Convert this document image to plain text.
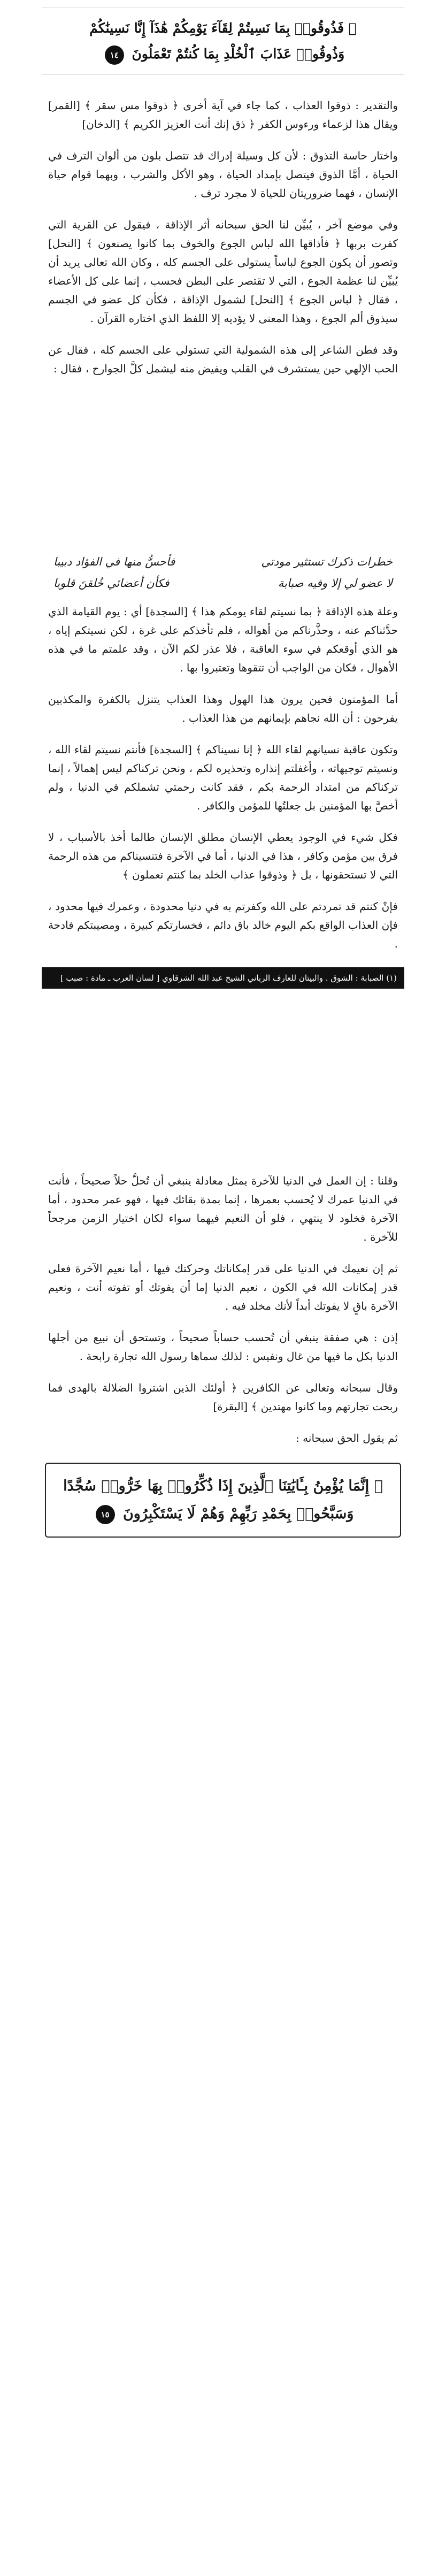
﴿ فَذُوقُوا۟ بِمَا نَسِيتُمْ لِقَآءَ يَوْمِكُمْ هَٰذَآ إِنَّا نَسِينَٰكُمْ
وَذُوقُوا۟ عَذَابَ ٱلْخُلْدِ بِمَا كُنتُمْ تَعْمَلُونَ ١٤

والتقدير : ذوقوا العذاب ، كما جاء في آية أخرى ﴿ ذوقوا مس سقر ﴾ [القمر] ويقال هذا لزعماء ورءوس الكفر ﴿ ذق إنك أنت العزيز الكريم ﴾ [الدخان]

واختار حاسة التذوق : لأن كل وسيلة إدراك قد تتصل بلون من ألوان الترف في الحياة ، أمَّا الذوق فيتصل بإمداد الحياة ، وهو الأكل والشرب ، وبهما قوام حياة الإنسان ، فهما ضروريتان للحياة لا مجرد ترف .

وفي موضع آخر ، يُبيِّن لنا الحق سبحانه أثر الإذاقة ، فيقول عن القرية التي كفرت بربها ﴿ فأذاقها الله لباس الجوع والخوف بما كانوا يصنعون ﴾ [النحل] وتصور أن يكون الجوع لباساً يستولى على الجسم كله ، وكان الله تعالى يريد أن يُبيِّن لنا عظمة الجوع ، التي لا تقتصر على البطن فحسب ، إنما على كل الأعضاء ، فقال ﴿ لباس الجوع ﴾ [النحل] لشمول الإذاقة ، فكأن كل عضو في الجسم سيذوق ألم الجوع ، وهذا المعنى لا يؤديه إلا اللفظ الذي اختاره القرآن .

وقد فطن الشاعر إلى هذه الشمولية التي تستولي على الجسم كله ، فقال عن الحب الإلهي حين يستشرف في القلب ويفيض منه ليشمل كلَّ الجوارح ، فقال :

خطرات ذكرك تستثير مودتي
فأحسُّ منها في الفؤاد دبيبا
لا عضو لي إلا وفيه صبابة
فكأن أعضائي خُلقنَ قلوبا

وعلة هذه الإذاقة ﴿ بما نسيتم لقاء يومكم هذا ﴾ [السجدة] أي : يوم القيامة الذي حدَّثناكم عنه ، وحذَّرناكم من أهواله ، فلم تأخذكم على غرة ، لكن نسيتكم إياه ، هو الذي أوقعكم في سوء العاقبة ، فلا عذر لكم الآن ، وقد علمتم ما في هذه الأهوال ، فكان من الواجب أن تتقوها وتعتبروا بها .

أما المؤمنون فحين يرون هذا الهول وهذا العذاب يتنزل بالكفرة والمكذبين يفرحون : أن الله نجاهم بإيمانهم من هذا العذاب .

وتكون عاقبة نسيانهم لقاء الله ﴿ إنا نسيناكم ﴾ [السجدة] فأنتم نسيتم لقاء الله ، ونسيتم توجيهاته ، وأغفلتم إنذاره وتحذيره لكم ، ونحن تركناكم ليس إهمالاً ، إنما تركناكم من امتداد الرحمة بكم ، فقد كانت رحمتي تشملكم في الدنيا ، ولم أخصَّ بها المؤمنين بل جعلتُها للمؤمن والكافر .

فكل شيء في الوجود يعطي الإنسان مطلق الإنسان طالما أخذ بالأسباب ، لا فرق بين مؤمن وكافر ، هذا في الدنيا ، أما في الآخرة فتنسيناكم من هذه الرحمة التي لا تستحقونها ، بل ﴿ وذوقوا عذاب الخلد بما كنتم تعملون ﴾

فإنْ كنتم قد تمردتم على الله وكفرتم به في دنيا محدودة ، وعمرك فيها محدود ، فإن العذاب الواقع بكم اليوم خالد باق دائم ، فخسارتكم كبيرة ، ومصيبتكم فادحة .

(١) الصبابة : الشوق . والبيتان للعارف الرباني الشيخ عبد الله الشرقاوي [ لسان العرب ـ مادة : صبب ]

وقلنا : إن العمل في الدنيا للآخرة يمثل معادلة ينبغي أن تُحلَّ حلاً صحيحاً ، فأنت في الدنيا عمرك لا يُحسب بعمرها ، إنما بمدة بقائك فيها ، فهو عمر محدود ، أما الآخرة فخلود لا ينتهي ، فلو أن النعيم فيهما سواء لكان اختيار الزمن مرجحاً للآخرة .

ثم إن نعيمك في الدنيا على قدر إمكاناتك وحركتك فيها ، أما نعيم الآخرة فعلى قدر إمكانات الله في الكون ، نعيم الدنيا إما أن يفوتك أو تفوته أنت ، ونعيم الآخرة باقٍ لا يفوتك أبداً لأنك مخلد فيه .

إذن : هي صفقة ينبغي أن تُحسب حساباً صحيحاً ، وتستحق أن نبيع من أجلها الدنيا بكل ما فيها من غال ونفيس : لذلك سماها رسول الله تجارة رابحة .

وقال سبحانه وتعالى عن الكافرين ﴿ أولئك الذين اشتروا الضلالة بالهدى فما ربحت تجارتهم وما كانوا مهتدين ﴾ [البقرة]

ثم يقول الحق سبحانه :

﴿ إِنَّمَا يُؤْمِنُ بِـَٔايَٰتِنَا ٱلَّذِينَ إِذَا ذُكِّرُوا۟ بِهَا خَرُّوا۟ سُجَّدًا
وَسَبَّحُوا۟ بِحَمْدِ رَبِّهِمْ وَهُمْ لَا يَسْتَكْبِرُونَ ١٥
